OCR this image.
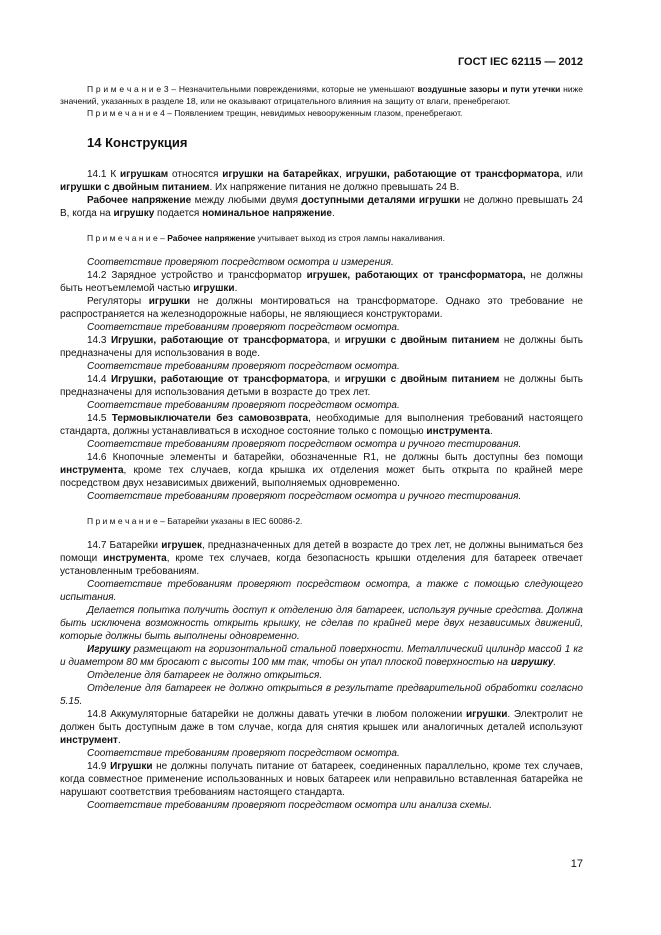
ГОСТ IEC 62115 — 2012

П р и м е ч а н и е 3 – Незначительными повреждениями, которые не уменьшают воздушные зазоры и пути утечки ниже значений, указанных в разделе 18, или не оказывают отрицательного влияния на защиту от влаги, пренебрегают.

П р и м е ч а н и е 4 – Появлением трещин, невидимых невооруженным глазом, пренебрегают.

14 Конструкция

14.1 К игрушкам относятся игрушки на батарейках, игрушки, работающие от трансформатора, или игрушки с двойным питанием. Их напряжение питания не должно превышать 24 В.

Рабочее напряжение между любыми двумя доступными деталями игрушки не должно превышать 24 В, когда на игрушку подается номинальное напряжение.

П р и м е ч а н и е – Рабочее напряжение учитывает выход из строя лампы накаливания.

Соответствие проверяют посредством осмотра и измерения.

14.2 Зарядное устройство и трансформатор игрушек, работающих от трансформатора, не должны быть неотъемлемой частью игрушки.

Регуляторы игрушки не должны монтироваться на трансформаторе. Однако это требование не распространяется на железнодорожные наборы, не являющиеся конструкторами.

Соответствие требованиям проверяют посредством осмотра.

14.3 Игрушки, работающие от трансформатора, и игрушки с двойным питанием не должны быть предназначены для использования в воде.

Соответствие требованиям проверяют посредством осмотра.

14.4 Игрушки, работающие от трансформатора, и игрушки с двойным питанием не должны быть предназначены для использования детьми в возрасте до трех лет.

Соответствие требованиям проверяют посредством осмотра.

14.5 Термовыключатели без самовозврата, необходимые для выполнения требований настоящего стандарта, должны устанавливаться в исходное состояние только с помощью инструмента.

Соответствие требованиям проверяют посредством осмотра и ручного тестирования.

14.6 Кнопочные элементы и батарейки, обозначенные R1, не должны быть доступны без помощи инструмента, кроме тех случаев, когда крышка их отделения может быть открыта по крайней мере посредством двух независимых движений, выполняемых одновременно.

Соответствие требованиям проверяют посредством осмотра и ручного тестирования.

П р и м е ч а н и е – Батарейки указаны в IEC 60086-2.

14.7 Батарейки игрушек, предназначенных для детей в возрасте до трех лет, не должны выниматься без помощи инструмента, кроме тех случаев, когда безопасность крышки отделения для батареек отвечает установленным требованиям.

Соответствие требованиям проверяют посредством осмотра, а также с помощью следующего испытания.

Делается попытка получить доступ к отделению для батареек, используя ручные средства. Должна быть исключена возможность открыть крышку, не сделав по крайней мере двух независимых движений, которые должны быть выполнены одновременно.

Игрушку размещают на горизонтальной стальной поверхности. Металлический цилиндр массой 1 кг и диаметром 80 мм бросают с высоты 100 мм так, чтобы он упал плоской поверхностью на игрушку.

Отделение для батареек не должно открыться.

Отделение для батареек не должно открыться в результате предварительной обработки согласно 5.15.

14.8 Аккумуляторные батарейки не должны давать утечки в любом положении игрушки. Электролит не должен быть доступным даже в том случае, когда для снятия крышек или аналогичных деталей используют инструмент.

Соответствие требованиям проверяют посредством осмотра.

14.9 Игрушки не должны получать питание от батареек, соединенных параллельно, кроме тех случаев, когда совместное применение использованных и новых батареек или неправильно вставленная батарейка не нарушают соответствия требованиям настоящего стандарта.

Соответствие требованиям проверяют посредством осмотра или анализа схемы.

17
